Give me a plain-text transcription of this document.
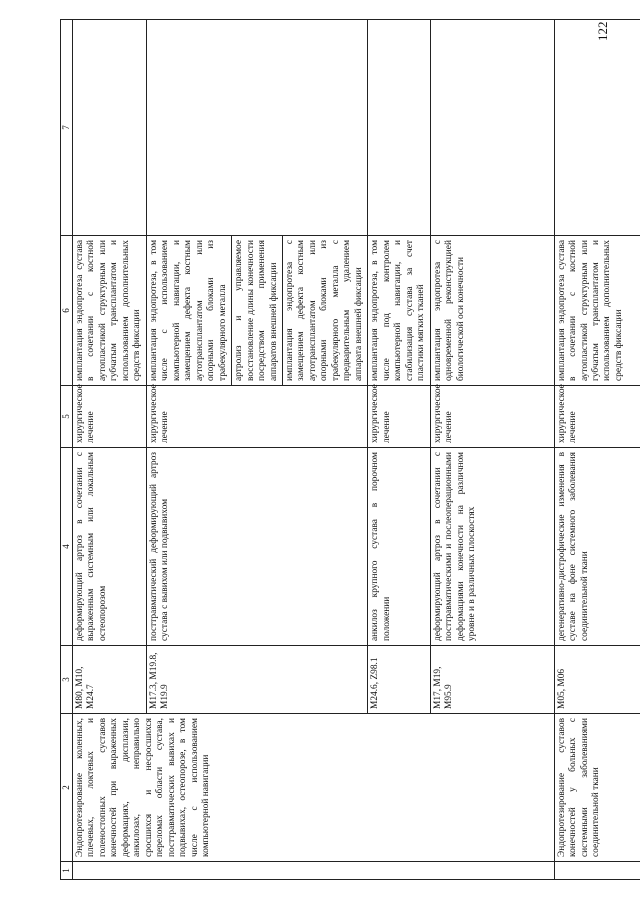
122
1	2	3	4	5	6	7
	Эндопротезирование коленных, плечевых, локтевых и голеностопных суставов конечностей при выраженных деформациях, дисплазии, анкилозах, неправильно сросшихся и несросшихся переломах области сустава, посттравматических вывихах и подвывихах, остеопорозе, в том числе с использованием компьютерной навигации	M80, M10, M24.7	деформирующий артроз в сочетании с выраженным системным или локальным остеопорозом	хирургическое лечение	имплантация эндопротеза сустава в сочетании с костной аутопластикой структурным или губчатым трансплантатом и использованием дополнительных средств фиксации	
		M17.3, M19.8, M19.9	посттравматический деформирующий артроз сустава с вывихом или подвывихом	хирургическое лечение	имплантация эндопротеза, в том числе с использованием компьютерной навигации, и замещением дефекта костным аутотрансплантатом или опорными блоками из трабекулярного металла	
					артролиз и управляемое восстановление длины конечности посредством применения аппаратов внешней фиксации	
					имплантация эндопротеза с замещением дефекта костным аутотрансплантатом или опорными блоками из трабекулярного металла с предварительным удалением аппарата внешней фиксации	
		M24.6, Z98.1	анкилоз крупного сустава в порочном положении	хирургическое лечение	имплантация эндопротеза, в том числе под контролем компьютерной навигации, и стабилизация сустава за счет пластики мягких тканей	
		M17, M19, M95.9	деформирующий артроз в сочетании с посттравматическими и послеоперационными деформациями конечности на различном уровне и в различных плоскостях	хирургическое лечение	имплантация эндопротеза с одновременной реконструкцией биологической оси конечности	
	Эндопротезирование суставов конечностей у больных с системными заболеваниями соединительной ткани	M05, M06	дегенеративно-дистрофические изменения в суставе на фоне системного заболевания соединительной ткани	хирургическое лечение	имплантация эндопротеза сустава в сочетании с костной аутопластикой структурным или губчатым трансплантатом и использованием дополнительных средств фиксации	
